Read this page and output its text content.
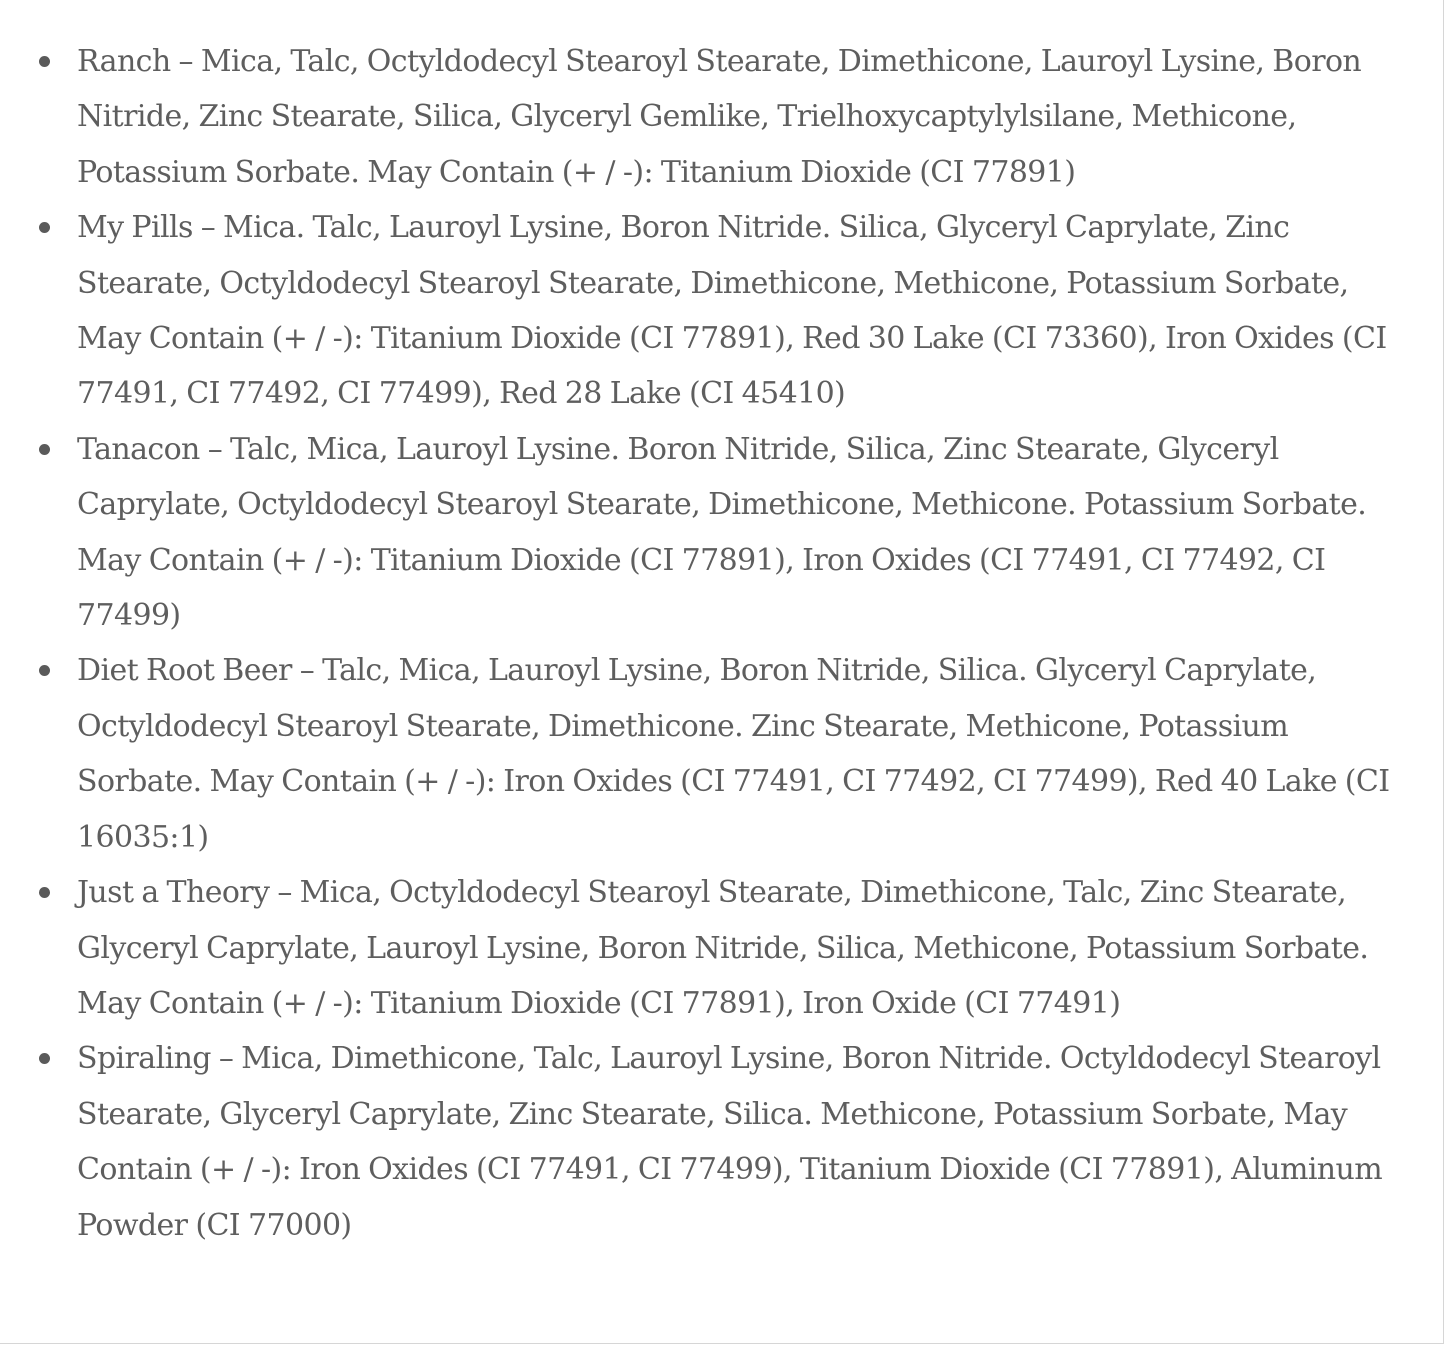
Ranch – Mica, Talc, Octyldodecyl Stearoyl Stearate, Dimethicone, Lauroyl Lysine, Boron Nitride, Zinc Stearate, Silica, Glyceryl Gemlike, Trielhoxycaptylylsilane, Methicone, Potassium Sorbate. May Contain (+ / -): Titanium Dioxide (CI 77891)
My Pills – Mica. Talc, Lauroyl Lysine, Boron Nitride. Silica, Glyceryl Caprylate, Zinc Stearate, Octyldodecyl Stearoyl Stearate, Dimethicone, Methicone, Potassium Sorbate, May Contain (+ / -): Titanium Dioxide (CI 77891), Red 30 Lake (CI 73360), Iron Oxides (CI 77491, CI 77492, CI 77499), Red 28 Lake (CI 45410)
Tanacon – Talc, Mica, Lauroyl Lysine. Boron Nitride, Silica, Zinc Stearate, Glyceryl Caprylate, Octyldodecyl Stearoyl Stearate, Dimethicone, Methicone. Potassium Sorbate. May Contain (+ / -): Titanium Dioxide (CI 77891), Iron Oxides (CI 77491, CI 77492, CI 77499)
Diet Root Beer – Talc, Mica, Lauroyl Lysine, Boron Nitride, Silica. Glyceryl Caprylate, Octyldodecyl Stearoyl Stearate, Dimethicone. Zinc Stearate, Methicone, Potassium Sorbate. May Contain (+ / -): Iron Oxides (CI 77491, CI 77492, CI 77499), Red 40 Lake (CI 16035:1)
Just a Theory – Mica, Octyldodecyl Stearoyl Stearate, Dimethicone, Talc, Zinc Stearate, Glyceryl Caprylate, Lauroyl Lysine, Boron Nitride, Silica, Methicone, Potassium Sorbate. May Contain (+ / -): Titanium Dioxide (CI 77891), Iron Oxide (CI 77491)
Spiraling – Mica, Dimethicone, Talc, Lauroyl Lysine, Boron Nitride. Octyldodecyl Stearoyl Stearate, Glyceryl Caprylate, Zinc Stearate, Silica. Methicone, Potassium Sorbate, May Contain (+ / -): Iron Oxides (CI 77491, CI 77499), Titanium Dioxide (CI 77891), Aluminum Powder (CI 77000)
